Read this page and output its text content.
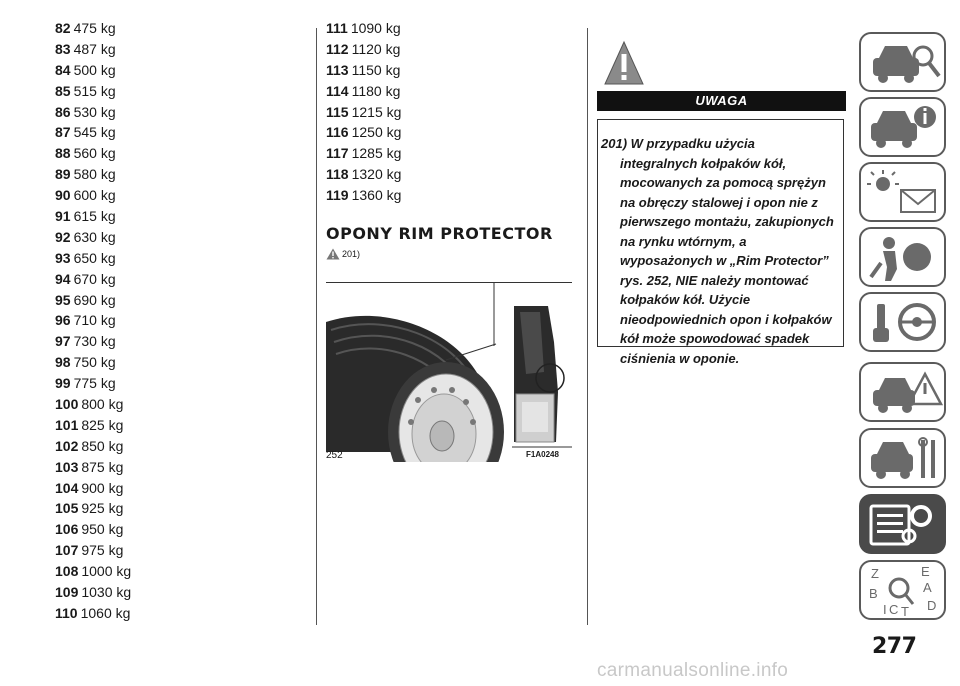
82 475 kg
83 487 kg
84 500 kg
85 515 kg
86 530 kg
87 545 kg
88 560 kg
89 580 kg
90 600 kg
91 615 kg
92 630 kg
93 650 kg
94 670 kg
95 690 kg
96 710 kg
97 730 kg
98 750 kg
99 775 kg
100 800 kg
101 825 kg
102 850 kg
103 875 kg
104 900 kg
105 925 kg
106 950 kg
107 975 kg
108 1000 kg
109 1030 kg
110 1060 kg
111 1090 kg
112 1120 kg
113 1150 kg
114 1180 kg
115 1215 kg
116 1250 kg
117 1285 kg
118 1320 kg
119 1360 kg
OPONY RIM PROTECTOR
201)
252	F1A0248
UWAGA
201) W przypadku użycia
integralnych kołpaków kół,
mocowanych za pomocą sprężyn
na obręczy stalowej i opon nie z
pierwszego montażu, zakupionych
na rynku wtórnym, a
wyposażonych w „Rim Protector”
rys. 252, NIE należy montować
kołpaków kół. Użycie
nieodpowiednich opon i kołpaków
kół może spowodować spadek
ciśnienia w oponie.
Z	E
B	A
C D
I T
277
carmanualsonline.info
